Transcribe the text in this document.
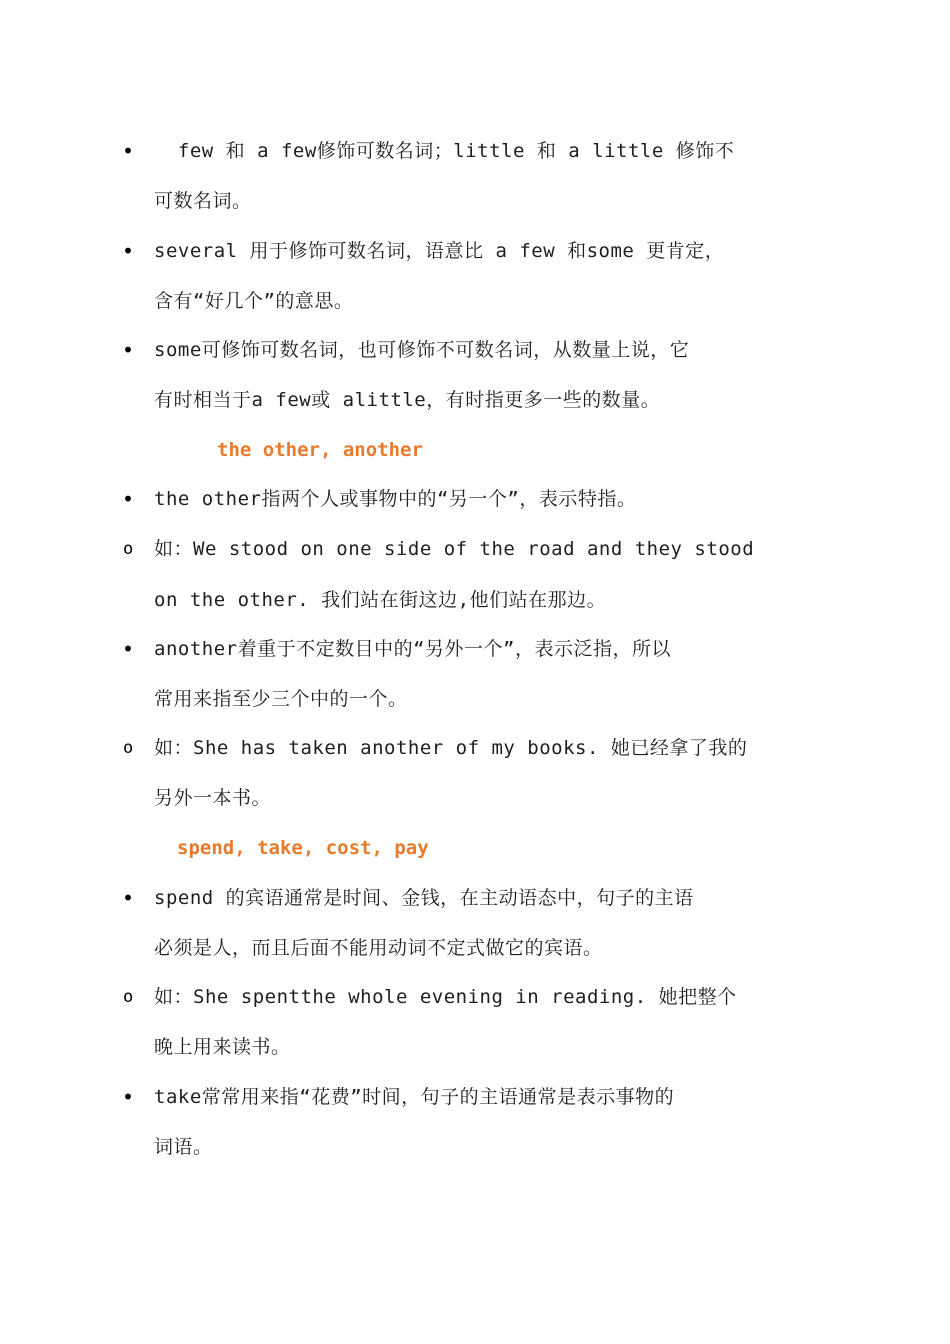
• few 和 a few修饰可数名词；little 和 a little 修饰不
可数名词。
• several 用于修饰可数名词，语意比 a few 和some 更肯定，
含有“好几个”的意思。
• some可修饰可数名词，也可修饰不可数名词，从数量上说，它
有时相当于a few或 alittle，有时指更多一些的数量。
the other, another
• the other指两个人或事物中的“另一个”，表示特指。
o 如：We stood on one side of the road and they stood
on the other. 我们站在街这边,他们站在那边。
• another着重于不定数目中的“另外一个”，表示泛指，所以
常用来指至少三个中的一个。
o 如：She has taken another of my books. 她已经拿了我的
另外一本书。
spend, take, cost, pay
• spend 的宾语通常是时间、金钱，在主动语态中，句子的主语
必须是人，而且后面不能用动词不定式做它的宾语。
o 如：She spentthe whole evening in reading. 她把整个
晚上用来读书。
• take常常用来指“花费”时间，句子的主语通常是表示事物的
词语。
